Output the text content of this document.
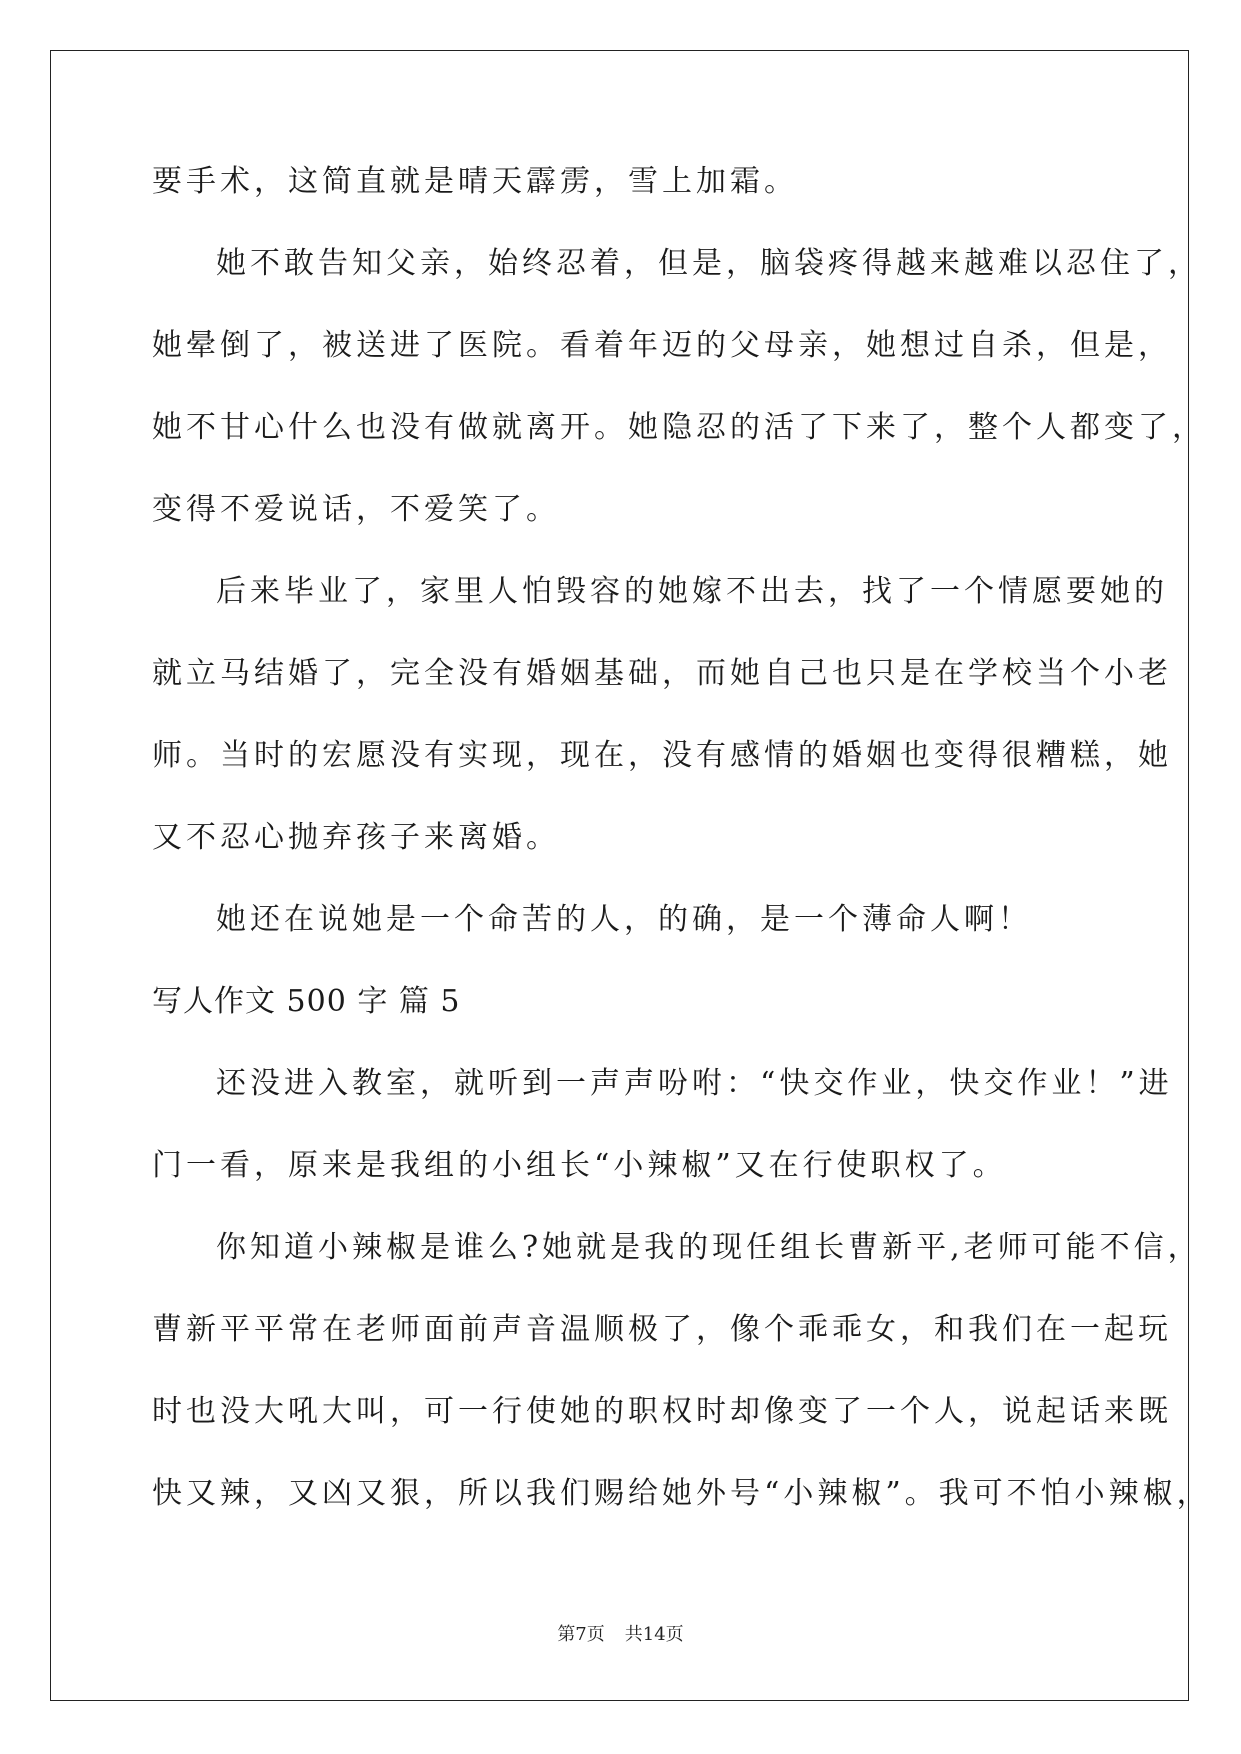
要手术，这简直就是晴天霹雳，雪上加霜。
她不敢告知父亲，始终忍着，但是，脑袋疼得越来越难以忍住了，
她晕倒了，被送进了医院。看着年迈的父母亲，她想过自杀，但是，
她不甘心什么也没有做就离开。她隐忍的活了下来了，整个人都变了，
变得不爱说话，不爱笑了。
后来毕业了，家里人怕毁容的她嫁不出去，找了一个情愿要她的
就立马结婚了，完全没有婚姻基础，而她自己也只是在学校当个小老
师。当时的宏愿没有实现，现在，没有感情的婚姻也变得很糟糕，她
又不忍心抛弃孩子来离婚。
她还在说她是一个命苦的人，的确，是一个薄命人啊！
写人作文 500 字 篇 5
还没进入教室，就听到一声声吩咐：“快交作业，快交作业！”进
门一看，原来是我组的小组长“小辣椒”又在行使职权了。
你知道小辣椒是谁么?她就是我的现任组长曹新平,老师可能不信，
曹新平平常在老师面前声音温顺极了，像个乖乖女，和我们在一起玩
时也没大吼大叫，可一行使她的职权时却像变了一个人，说起话来既
快又辣，又凶又狠，所以我们赐给她外号“小辣椒”。我可不怕小辣椒，
第7页 共14页
